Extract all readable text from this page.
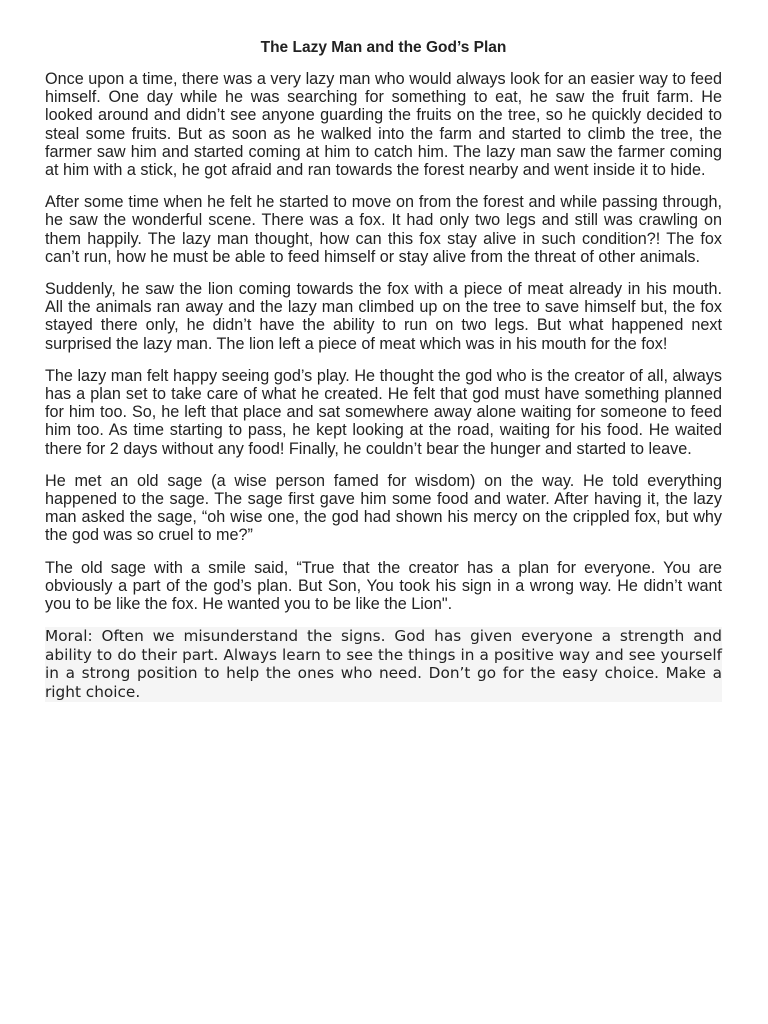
The Lazy Man and the God’s Plan

Once upon a time, there was a very lazy man who would always look for an easier way to feed himself. One day while he was searching for something to eat, he saw the fruit farm. He looked around and didn’t see anyone guarding the fruits on the tree, so he quickly decided to steal some fruits. But as soon as he walked into the farm and started to climb the tree, the farmer saw him and started coming at him to catch him. The lazy man saw the farmer coming at him with a stick, he got afraid and ran towards the forest nearby and went inside it to hide.

After some time when he felt he started to move on from the forest and while passing through, he saw the wonderful scene. There was a fox. It had only two legs and still was crawling on them happily. The lazy man thought, how can this fox stay alive in such condition?! The fox can’t run, how he must be able to feed himself or stay alive from the threat of other animals.

Suddenly, he saw the lion coming towards the fox with a piece of meat already in his mouth. All the animals ran away and the lazy man climbed up on the tree to save himself but, the fox stayed there only, he didn’t have the ability to run on two legs. But what happened next surprised the lazy man. The lion left a piece of meat which was in his mouth for the fox!

The lazy man felt happy seeing god’s play. He thought the god who is the creator of all, always has a plan set to take care of what he created. He felt that god must have something planned for him too. So, he left that place and sat somewhere away alone waiting for someone to feed him too. As time starting to pass, he kept looking at the road, waiting for his food. He waited there for 2 days without any food! Finally, he couldn’t bear the hunger and started to leave.

He met an old sage (a wise person famed for wisdom) on the way. He told everything happened to the sage. The sage first gave him some food and water. After having it, the lazy man asked the sage, “oh wise one, the god had shown his mercy on the crippled fox, but why the god was so cruel to me?”

The old sage with a smile said, “True that the creator has a plan for everyone. You are obviously a part of the god’s plan. But Son, You took his sign in a wrong way. He didn’t want you to be like the fox. He wanted you to be like the Lion".

Moral: Often we misunderstand the signs. God has given everyone a strength and ability to do their part. Always learn to see the things in a positive way and see yourself in a strong position to help the ones who need. Don’t go for the easy choice. Make a right choice.
